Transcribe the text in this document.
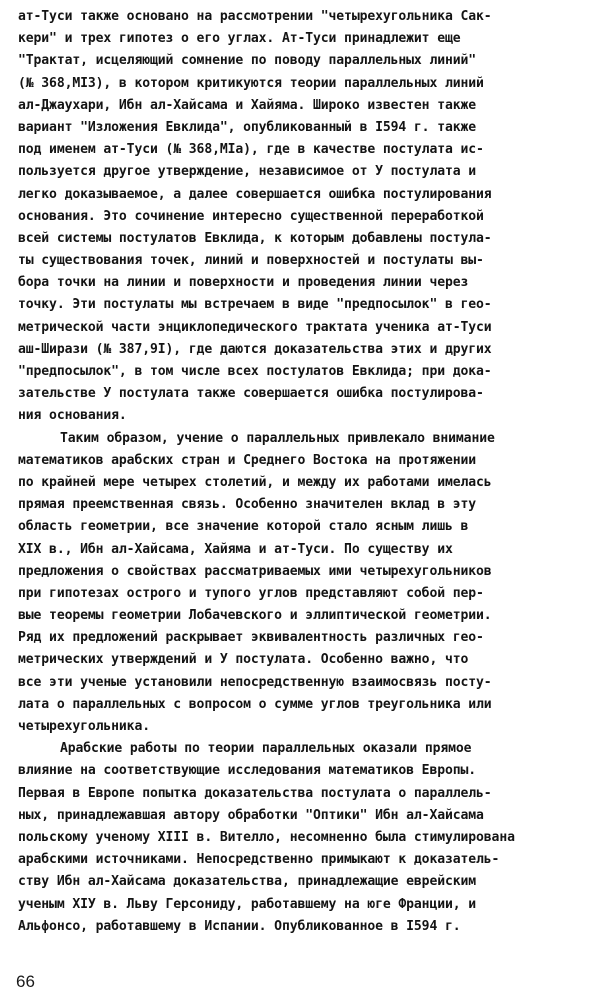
ат-Туси также основано на рассмотрении "четырехугольника Сак-
кери" и трех гипотез о его углах. Ат-Туси принадлежит еще
"Трактат, исцеляющий сомнение по поводу параллельных линий"
(№ 368,МI3), в котором критикуются теории параллельных линий
ал-Джаухари, Ибн ал-Хайсама и Хайяма. Широко известен также
вариант "Изложения Евклида", опубликованный в I594 г. также
под именем ат-Туси (№ 368,МIа), где в качестве постулата ис-
пользуется другое утверждение, независимое от У постулата и
легко доказываемое, а далее совершается ошибка постулирования
основания. Это сочинение интересно существенной переработкой
всей системы постулатов Евклида, к которым добавлены постула-
ты существования точек, линий и поверхностей и постулаты вы-
бора точки на линии и поверхности и проведения линии через
точку. Эти постулаты мы встречаем в виде "предпосылок" в гео-
метрической части энциклопедического трактата ученика ат-Туси
аш-Ширази (№ 387,9I), где даются доказательства этих и других
"предпосылок", в том числе всех постулатов Евклида; при дока-
зательстве У постулата также совершается ошибка постулирова-
ния основания.
Таким образом, учение о параллельных привлекало внимание
математиков арабских стран и Среднего Востока на протяжении
по крайней мере четырех столетий, и между их работами имелась
прямая преемственная связь. Особенно значителен вклад в эту
область геометрии, все значение которой стало ясным лишь в
XIX в., Ибн ал-Хайсама, Хайяма и ат-Туси. По существу их
предложения о свойствах рассматриваемых ими четырехугольников
при гипотезах острого и тупого углов представляют собой пер-
вые теоремы геометрии Лобачевского и эллиптической геометрии.
Ряд их предложений раскрывает эквивалентность различных гео-
метрических утверждений и У постулата. Особенно важно, что
все эти ученые установили непосредственную взаимосвязь посту-
лата о параллельных с вопросом о сумме углов треугольника или
четырехугольника.
Арабские работы по теории параллельных оказали прямое
влияние на соответствующие исследования математиков Европы.
Первая в Европе попытка доказательства постулата о параллель-
ных, принадлежавшая автору обработки "Оптики" Ибн ал-Хайсама
польскому ученому XIII в. Вителло, несомненно была стимулирована
арабскими источниками. Непосредственно примыкают к доказатель-
ству Ибн ал-Хайсама доказательства, принадлежащие еврейским
ученым XIУ в. Льву Герсониду, работавшему на юге Франции, и
Альфонсо, работавшему в Испании. Опубликованное в I594 г.
66
